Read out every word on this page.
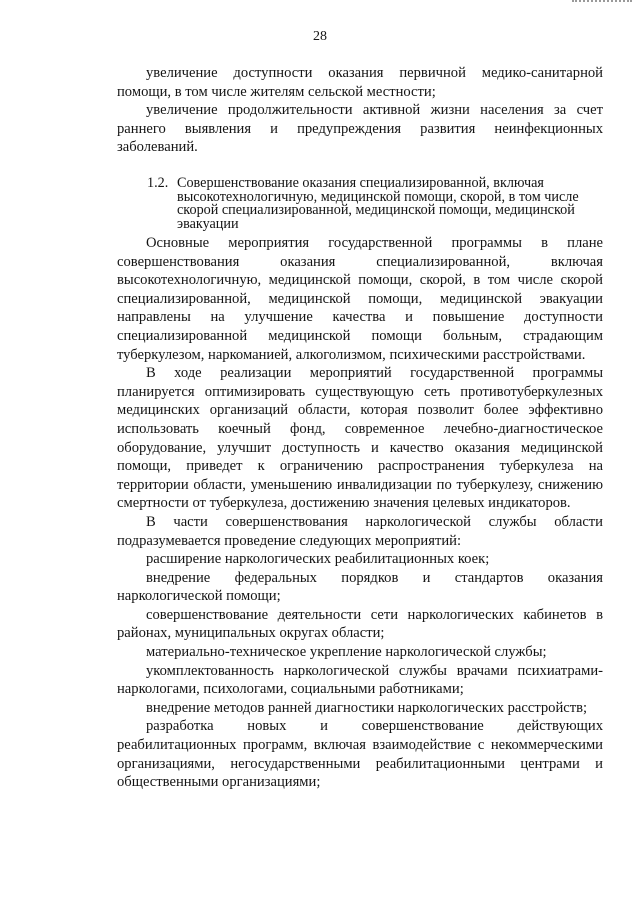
28

увеличение доступности оказания первичной медико-санитарной помощи, в том числе жителям сельской местности;

увеличение продолжительности активной жизни населения за счет раннего выявления и предупреждения развития неинфекционных заболеваний.

1.2. Совершенствование оказания специализированной, включая высокотехнологичную, медицинской помощи, скорой, в том числе скорой специализированной, медицинской помощи, медицинской эвакуации

Основные мероприятия государственной программы в плане совершенствования оказания специализированной, включая высокотехнологичную, медицинской помощи, скорой, в том числе скорой специализированной, медицинской помощи, медицинской эвакуации направлены на улучшение качества и повышение доступности специализированной медицинской помощи больным, страдающим туберкулезом, наркоманией, алкоголизмом, психическими расстройствами.

В ходе реализации мероприятий государственной программы планируется оптимизировать существующую сеть противотуберкулезных медицинских организаций области, которая позволит более эффективно использовать коечный фонд, современное лечебно-диагностическое оборудование, улучшит доступность и качество оказания медицинской помощи, приведет к ограничению распространения туберкулеза на территории области, уменьшению инвалидизации по туберкулезу, снижению смертности от туберкулеза, достижению значения целевых индикаторов.

В части совершенствования наркологической службы области подразумевается проведение следующих мероприятий:

расширение наркологических реабилитационных коек;

внедрение федеральных порядков и стандартов оказания наркологической помощи;

совершенствование деятельности сети наркологических кабинетов в районах, муниципальных округах области;

материально-техническое укрепление наркологической службы;

укомплектованность наркологической службы врачами психиатрами-наркологами, психологами, социальными работниками;

внедрение методов ранней диагностики наркологических расстройств;

разработка новых и совершенствование действующих реабилитационных программ, включая взаимодействие с некоммерческими организациями, негосударственными реабилитационными центрами и общественными организациями;
